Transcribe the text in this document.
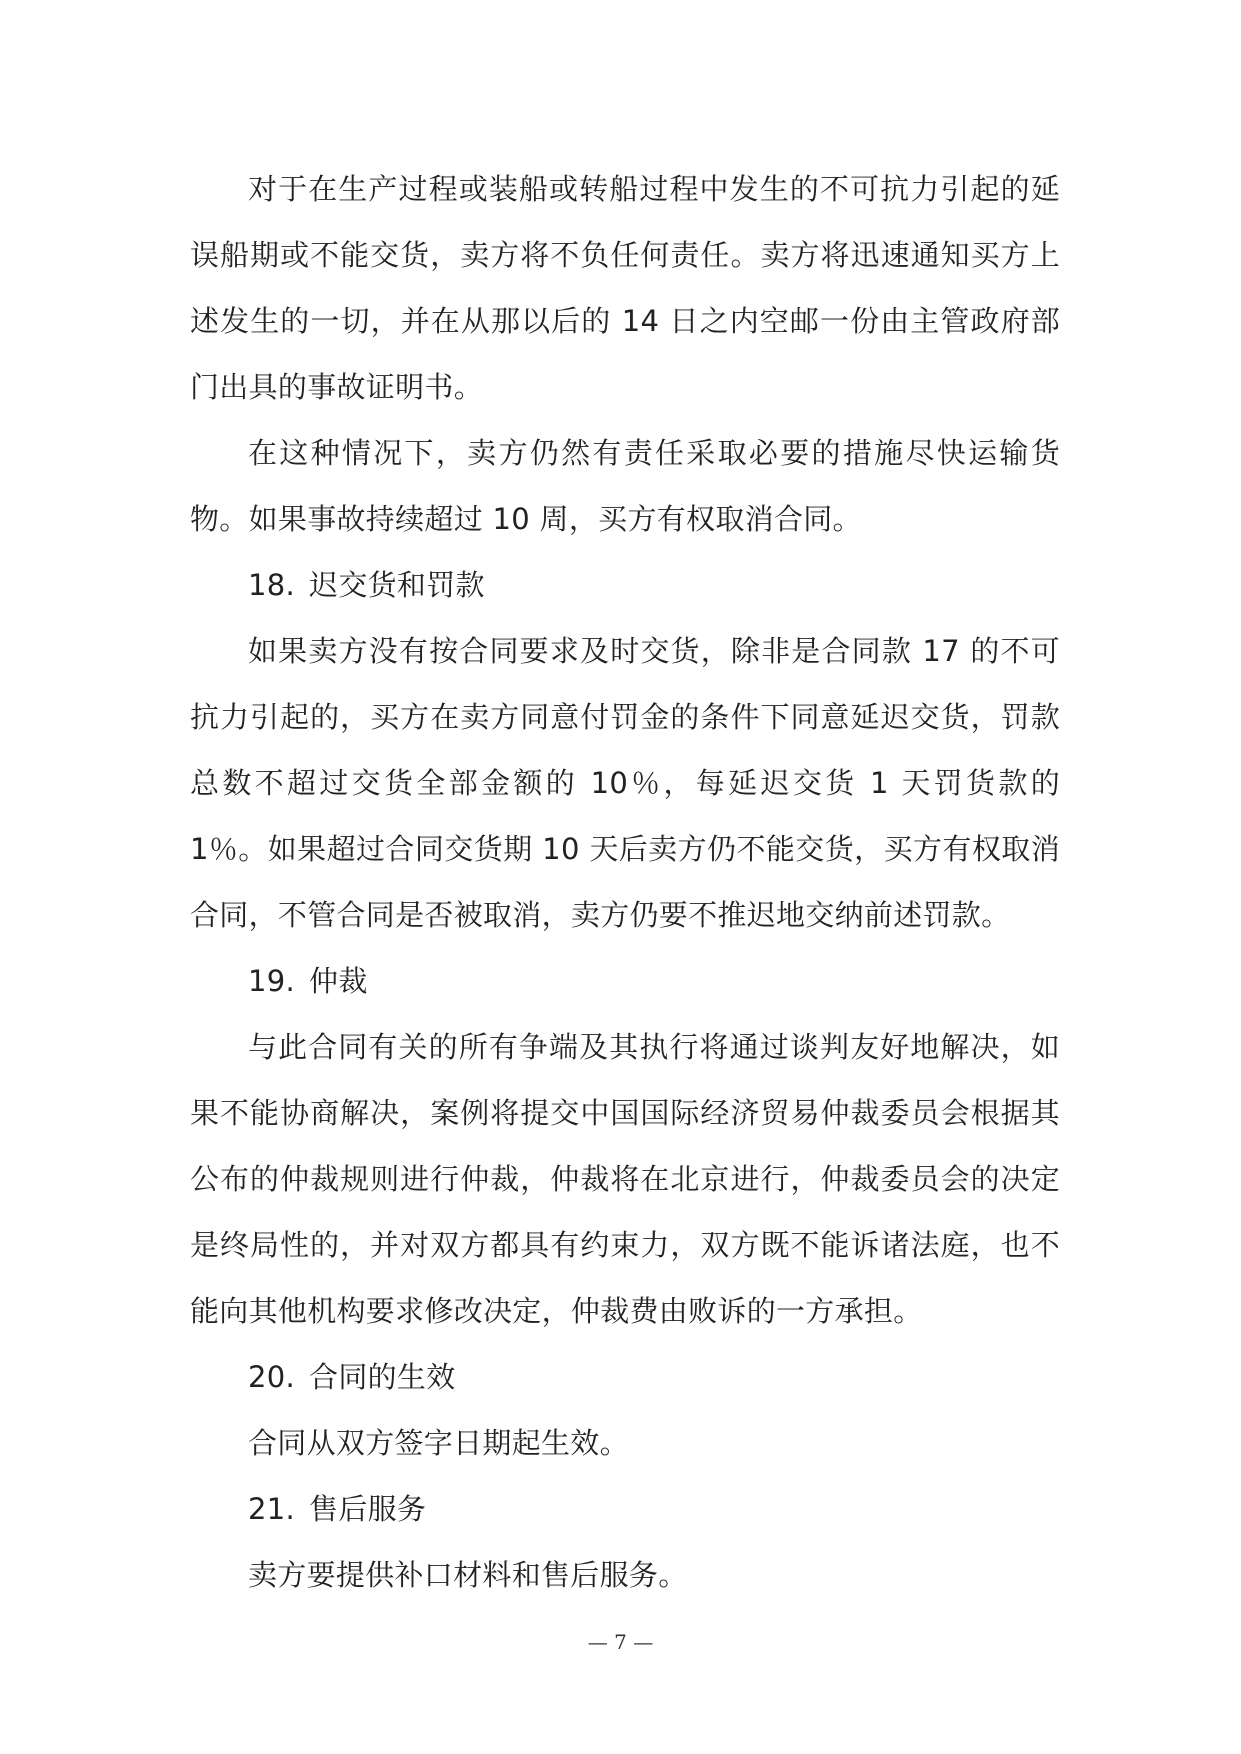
对于在生产过程或装船或转船过程中发生的不可抗力引起的延误船期或不能交货，卖方将不负任何责任。卖方将迅速通知买方上述发生的一切，并在从那以后的 14 日之内空邮一份由主管政府部门出具的事故证明书。

在这种情况下，卖方仍然有责任采取必要的措施尽快运输货物。如果事故持续超过 10 周，买方有权取消合同。

18. 迟交货和罚款

如果卖方没有按合同要求及时交货，除非是合同款 17 的不可抗力引起的，买方在卖方同意付罚金的条件下同意延迟交货，罚款总数不超过交货全部金额的 10％，每延迟交货 1 天罚货款的 1％。如果超过合同交货期 10 天后卖方仍不能交货，买方有权取消合同，不管合同是否被取消，卖方仍要不推迟地交纳前述罚款。

19. 仲裁

与此合同有关的所有争端及其执行将通过谈判友好地解决，如果不能协商解决，案例将提交中国国际经济贸易仲裁委员会根据其公布的仲裁规则进行仲裁，仲裁将在北京进行，仲裁委员会的决定是终局性的，并对双方都具有约束力，双方既不能诉诸法庭，也不能向其他机构要求修改决定，仲裁费由败诉的一方承担。

20. 合同的生效

合同从双方签字日期起生效。

21. 售后服务

卖方要提供补口材料和售后服务。

— 7 —
